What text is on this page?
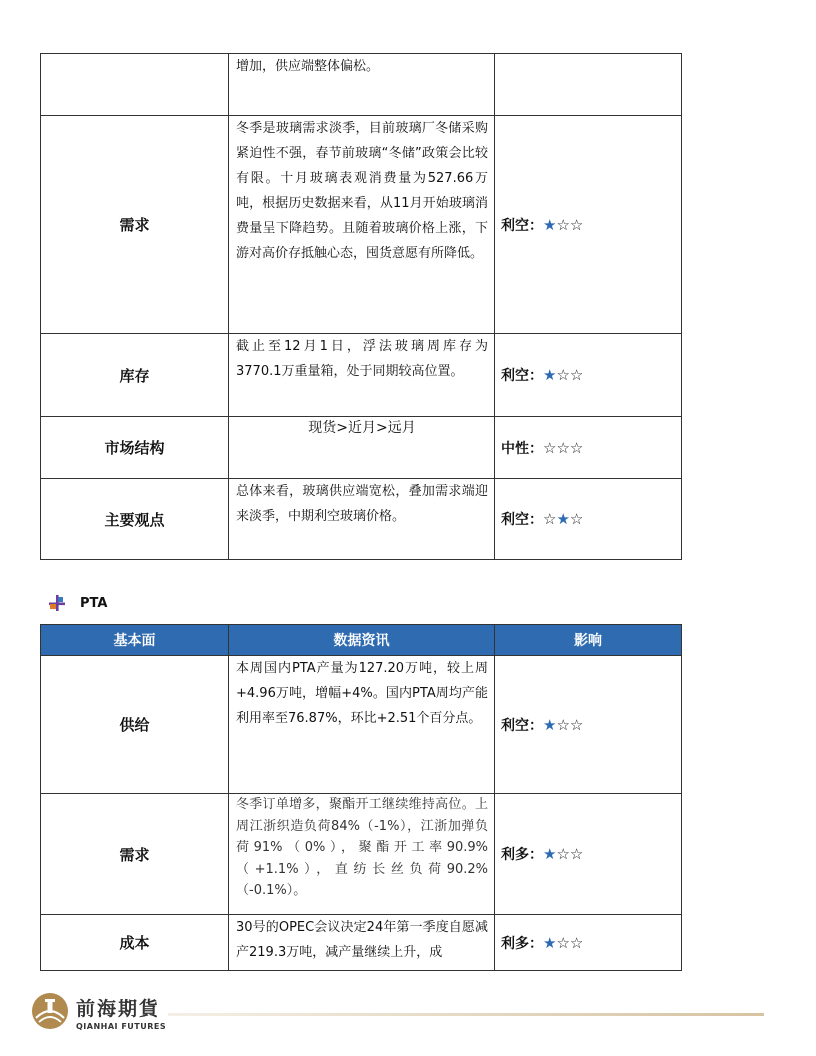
	增加，供应端整体偏松。	
需求	冬季是玻璃需求淡季，目前玻璃厂冬储采购紧迫性不强，春节前玻璃“冬储”政策会比较有限。十月玻璃表观消费量为527.66万吨，根据历史数据来看，从11月开始玻璃消费量呈下降趋势。且随着玻璃价格上涨，下游对高价存抵触心态，囤货意愿有所降低。	利空：★☆☆
库存	截止至12月1日，浮法玻璃周库存为3770.1万重量箱，处于同期较高位置。	利空：★☆☆
市场结构	现货>近月>远月	中性：☆☆☆
主要观点	总体来看，玻璃供应端宽松，叠加需求端迎来淡季，中期利空玻璃价格。	利空：☆★☆
PTA
基本面	数据资讯	影响
供给	本周国内PTA产量为127.20万吨，较上周+4.96万吨，增幅+4%。国内PTA周均产能利用率至76.87%，环比+2.51个百分点。	利空：★☆☆
需求	冬季订单增多，聚酯开工继续维持高位。上周江浙织造负荷84%（-1%），江浙加弹负荷91%（0%），聚酯开工率90.9%（+1.1%），直纺长丝负荷90.2%（-0.1%）。	利多：★☆☆
成本	30号的OPEC会议决定24年第一季度自愿减产219.3万吨，减产量继续上升，成	利多：★☆☆
前海期貨
QIANHAI FUTURES
